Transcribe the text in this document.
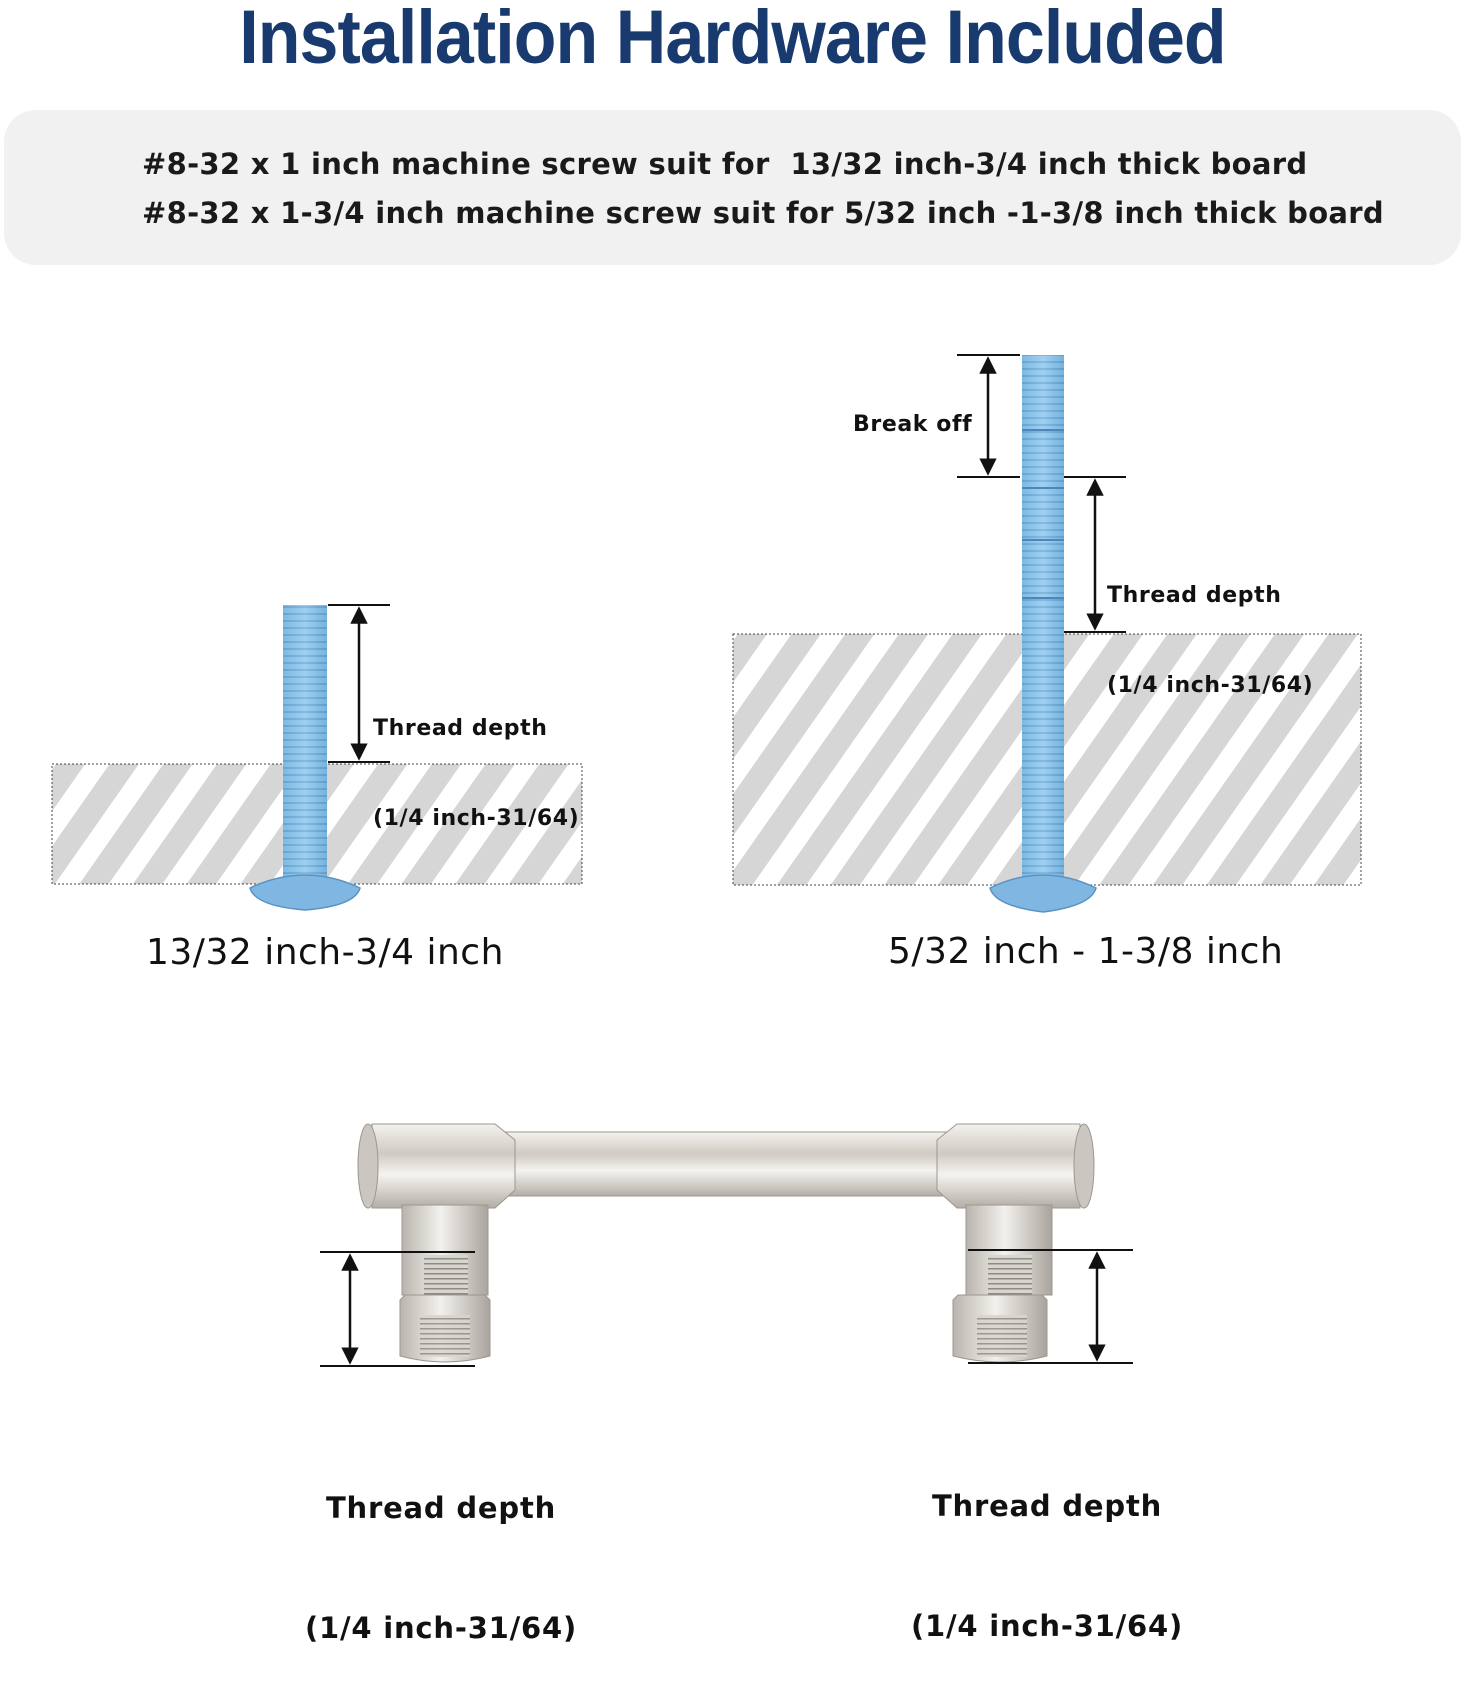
Installation Hardware Included
#8-32 x 1 inch machine screw suit for  13/32 inch-3/4 inch thick board
#8-32 x 1-3/4 inch machine screw suit for 5/32 inch -1-3/8 inch thick board

Thread depth

(1/4 inch-31/64)

13/32 inch-3/4 inch
Break off

Thread depth

(1/4 inch-31/64)

5/32 inch - 1-3/8 inch

Thread depth

(1/4 inch-31/64)

Thread depth

(1/4 inch-31/64)
